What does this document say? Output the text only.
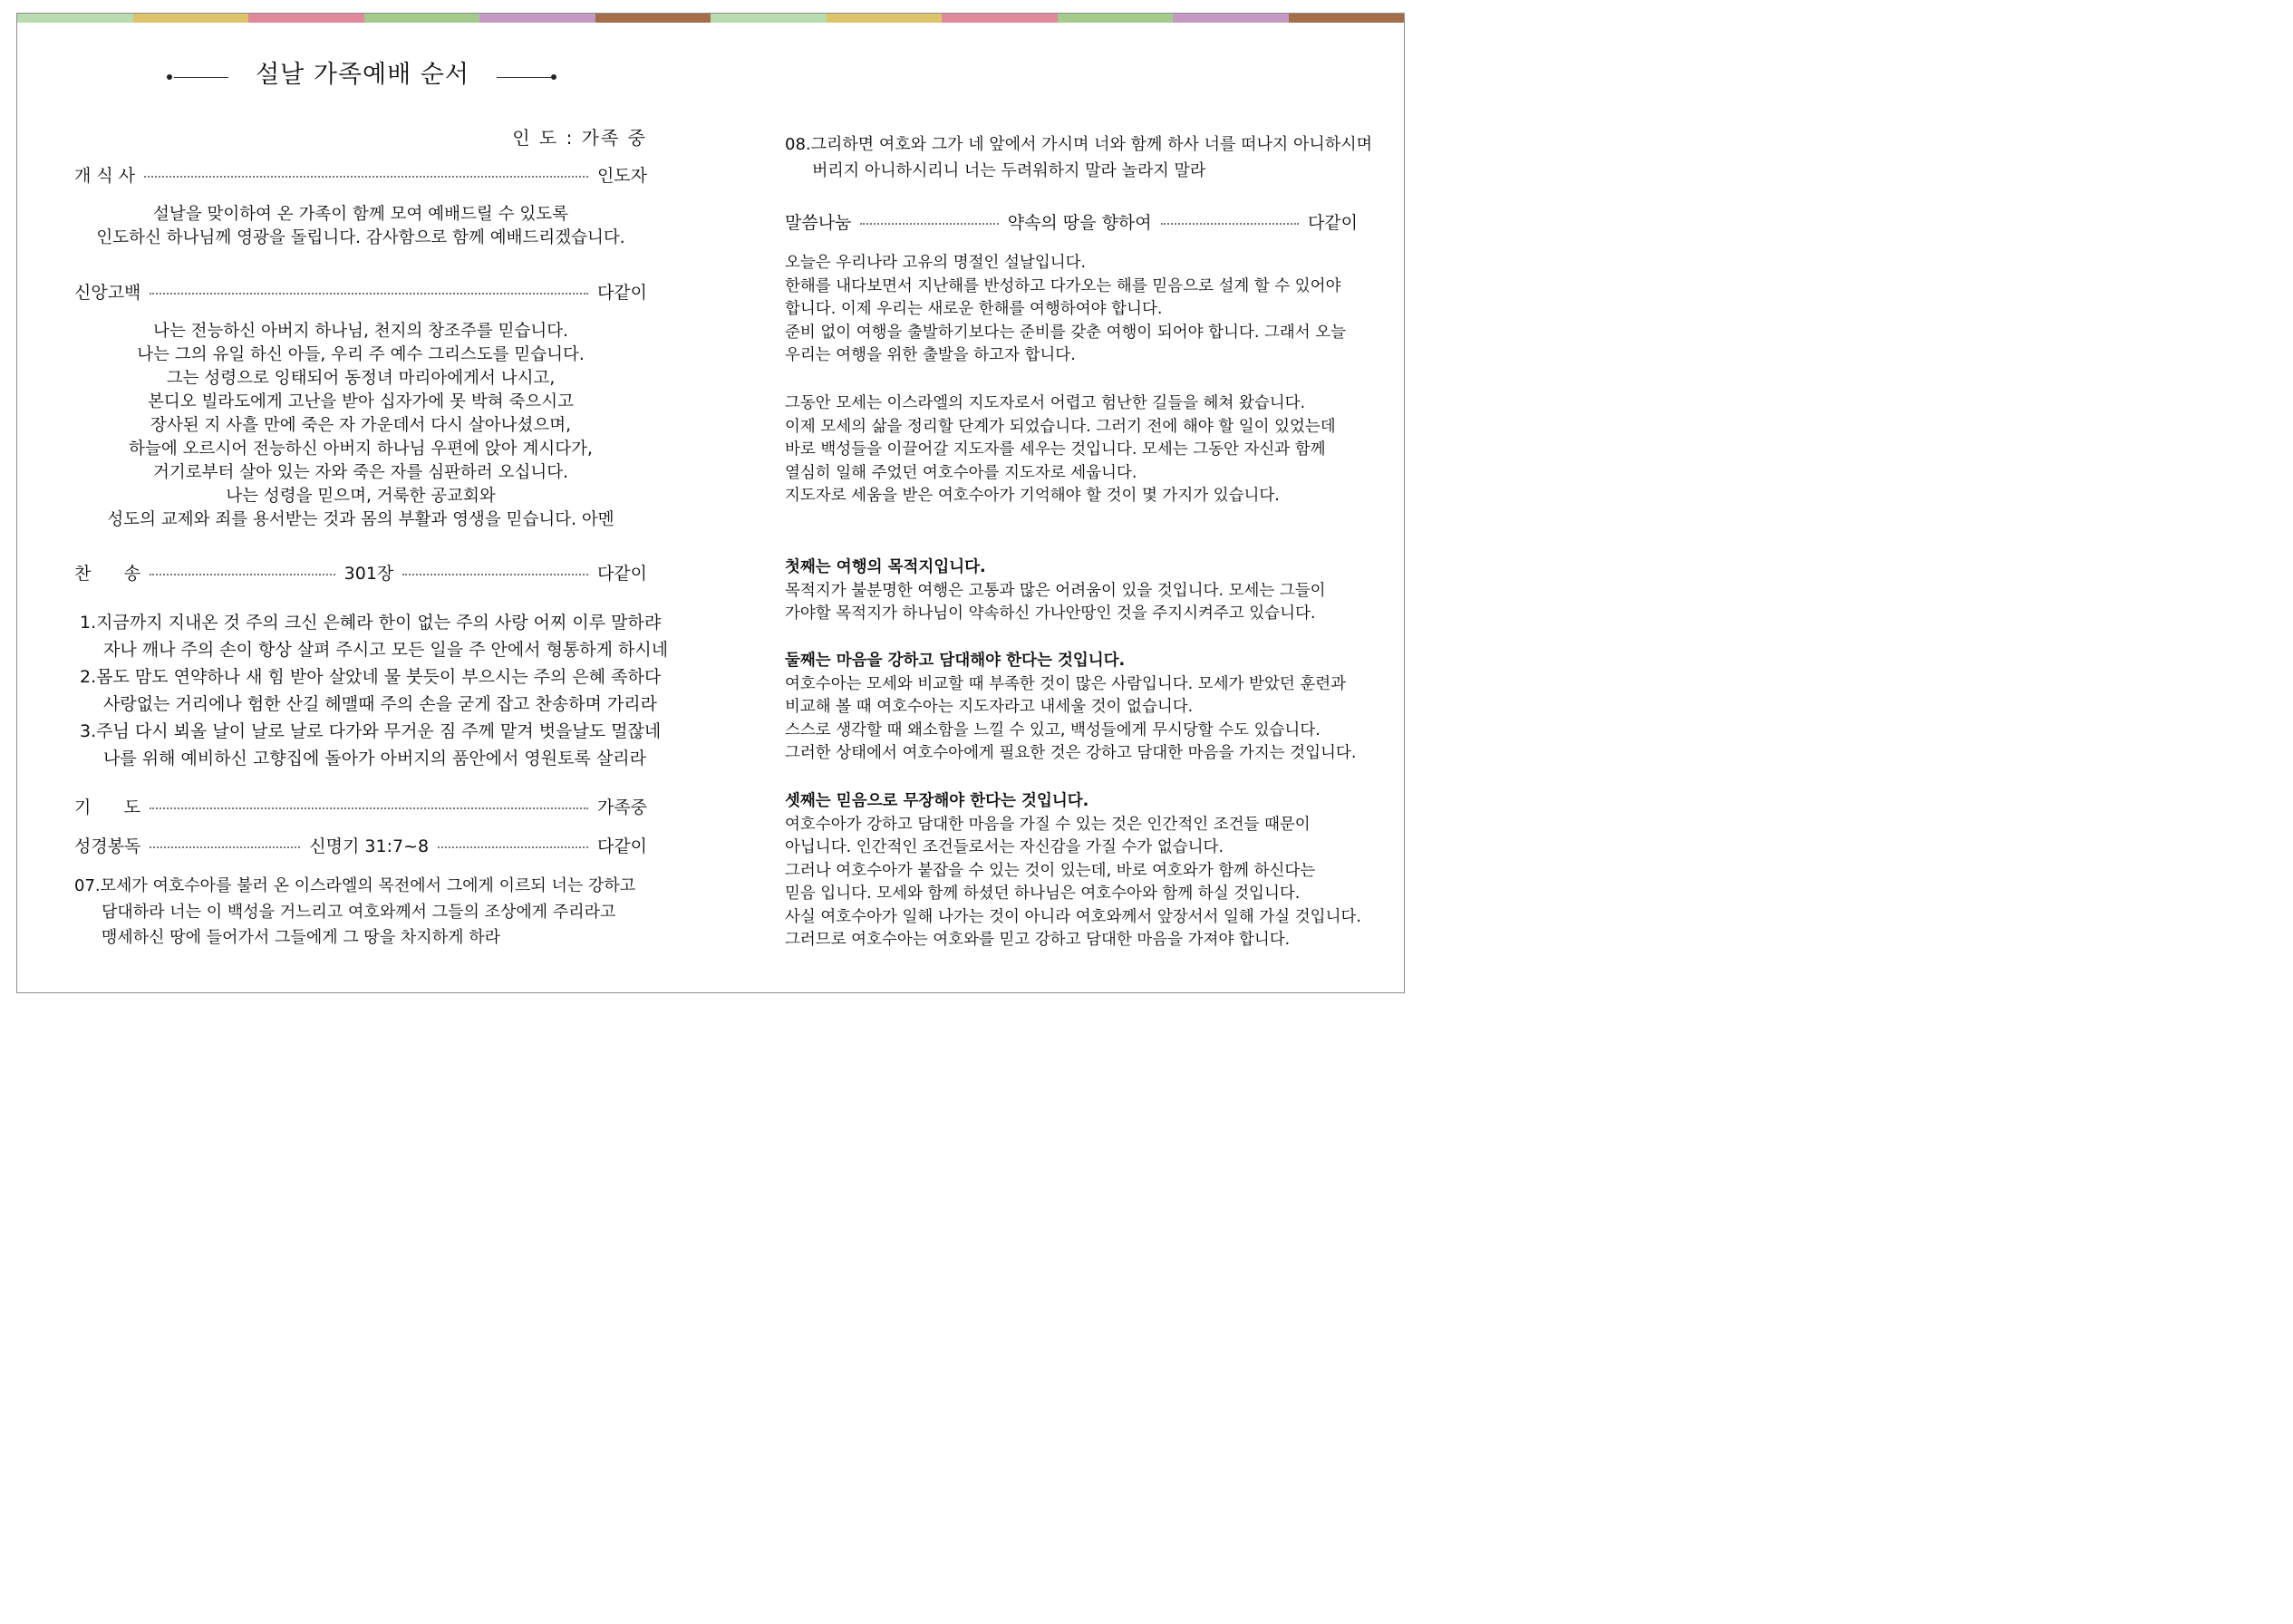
설날 가족예배 순서
인 도 : 가족 중
개 식 사	인도자
설날을 맞이하여 온 가족이 함께 모여 예배드릴 수 있도록
인도하신 하나님께 영광을 돌립니다. 감사함으로 함께 예배드리겠습니다.
신앙고백	다같이
나는 전능하신 아버지 하나님, 천지의 창조주를 믿습니다.
나는 그의 유일 하신 아들, 우리 주 예수 그리스도를 믿습니다.
그는 성령으로 잉태되어 동정녀 마리아에게서 나시고,
본디오 빌라도에게 고난을 받아 십자가에 못 박혀 죽으시고
장사된 지 사흘 만에 죽은 자 가운데서 다시 살아나셨으며,
하늘에 오르시어 전능하신 아버지 하나님 우편에 앉아 계시다가,
거기로부터 살아 있는 자와 죽은 자를 심판하러 오십니다.
나는 성령을 믿으며, 거룩한 공교회와
성도의 교제와 죄를 용서받는 것과 몸의 부활과 영생을 믿습니다. 아멘
찬      송	301장	다같이
1.지금까지 지내온 것 주의 크신 은혜라 한이 없는 주의 사랑 어찌 이루 말하랴
자나 깨나 주의 손이 항상 살펴 주시고 모든 일을 주 안에서 형통하게 하시네
2.몸도 맘도 연약하나 새 힘 받아 살았네 물 붓듯이 부으시는 주의 은혜 족하다
사랑없는 거리에나 험한 산길 헤맬때 주의 손을 굳게 잡고 찬송하며 가리라
3.주님 다시 뵈올 날이 날로 날로 다가와 무거운 짐 주께 맡겨 벗을날도 멀잖네
나를 위해 예비하신 고향집에 돌아가 아버지의 품안에서 영원토록 살리라
기      도	가족중
성경봉독	신명기 31:7~8	다같이
07.모세가 여호수아를 불러 온 이스라엘의 목전에서 그에게 이르되 너는 강하고
담대하라 너는 이 백성을 거느리고 여호와께서 그들의 조상에게 주리라고
맹세하신 땅에 들어가서 그들에게 그 땅을 차지하게 하라
08.그리하면 여호와 그가 네 앞에서 가시며 너와 함께 하사 너를 떠나지 아니하시며
버리지 아니하시리니 너는 두려워하지 말라 놀라지 말라
말씀나눔	약속의 땅을 향하여	다같이
오늘은 우리나라 고유의 명절인 설날입니다.
한해를 내다보면서 지난해를 반성하고 다가오는 해를 믿음으로 설계 할 수 있어야
합니다. 이제 우리는 새로운 한해를 여행하여야 합니다.
준비 없이 여행을 출발하기보다는 준비를 갖춘 여행이 되어야 합니다. 그래서 오늘
우리는 여행을 위한 출발을 하고자 합니다.
그동안 모세는 이스라엘의 지도자로서 어렵고 험난한 길들을 헤쳐 왔습니다.
이제 모세의 삶을 정리할 단계가 되었습니다. 그러기 전에 해야 할 일이 있었는데
바로 백성들을 이끌어갈 지도자를 세우는 것입니다. 모세는 그동안 자신과 함께
열심히 일해 주었던 여호수아를 지도자로 세웁니다.
지도자로 세움을 받은 여호수아가 기억해야 할 것이 몇 가지가 있습니다.
첫째는 여행의 목적지입니다.
목적지가 불분명한 여행은 고통과 많은 어려움이 있을 것입니다. 모세는 그들이
가야할 목적지가 하나님이 약속하신 가나안땅인 것을 주지시켜주고 있습니다.
둘째는 마음을 강하고 담대해야 한다는 것입니다.
여호수아는 모세와 비교할 때 부족한 것이 많은 사람입니다. 모세가 받았던 훈련과
비교해 볼 때 여호수아는 지도자라고 내세울 것이 없습니다.
스스로 생각할 때 왜소함을 느낄 수 있고, 백성들에게 무시당할 수도 있습니다.
그러한 상태에서 여호수아에게 필요한 것은 강하고 담대한 마음을 가지는 것입니다.
셋째는 믿음으로 무장해야 한다는 것입니다.
여호수아가 강하고 담대한 마음을 가질 수 있는 것은 인간적인 조건들 때문이
아닙니다. 인간적인 조건들로서는 자신감을 가질 수가 없습니다.
그러나 여호수아가 붙잡을 수 있는 것이 있는데, 바로 여호와가 함께 하신다는
믿음 입니다. 모세와 함께 하셨던 하나님은 여호수아와 함께 하실 것입니다.
사실 여호수아가 일해 나가는 것이 아니라 여호와께서 앞장서서 일해 가실 것입니다.
그러므로 여호수아는 여호와를 믿고 강하고 담대한 마음을 가져야 합니다.
